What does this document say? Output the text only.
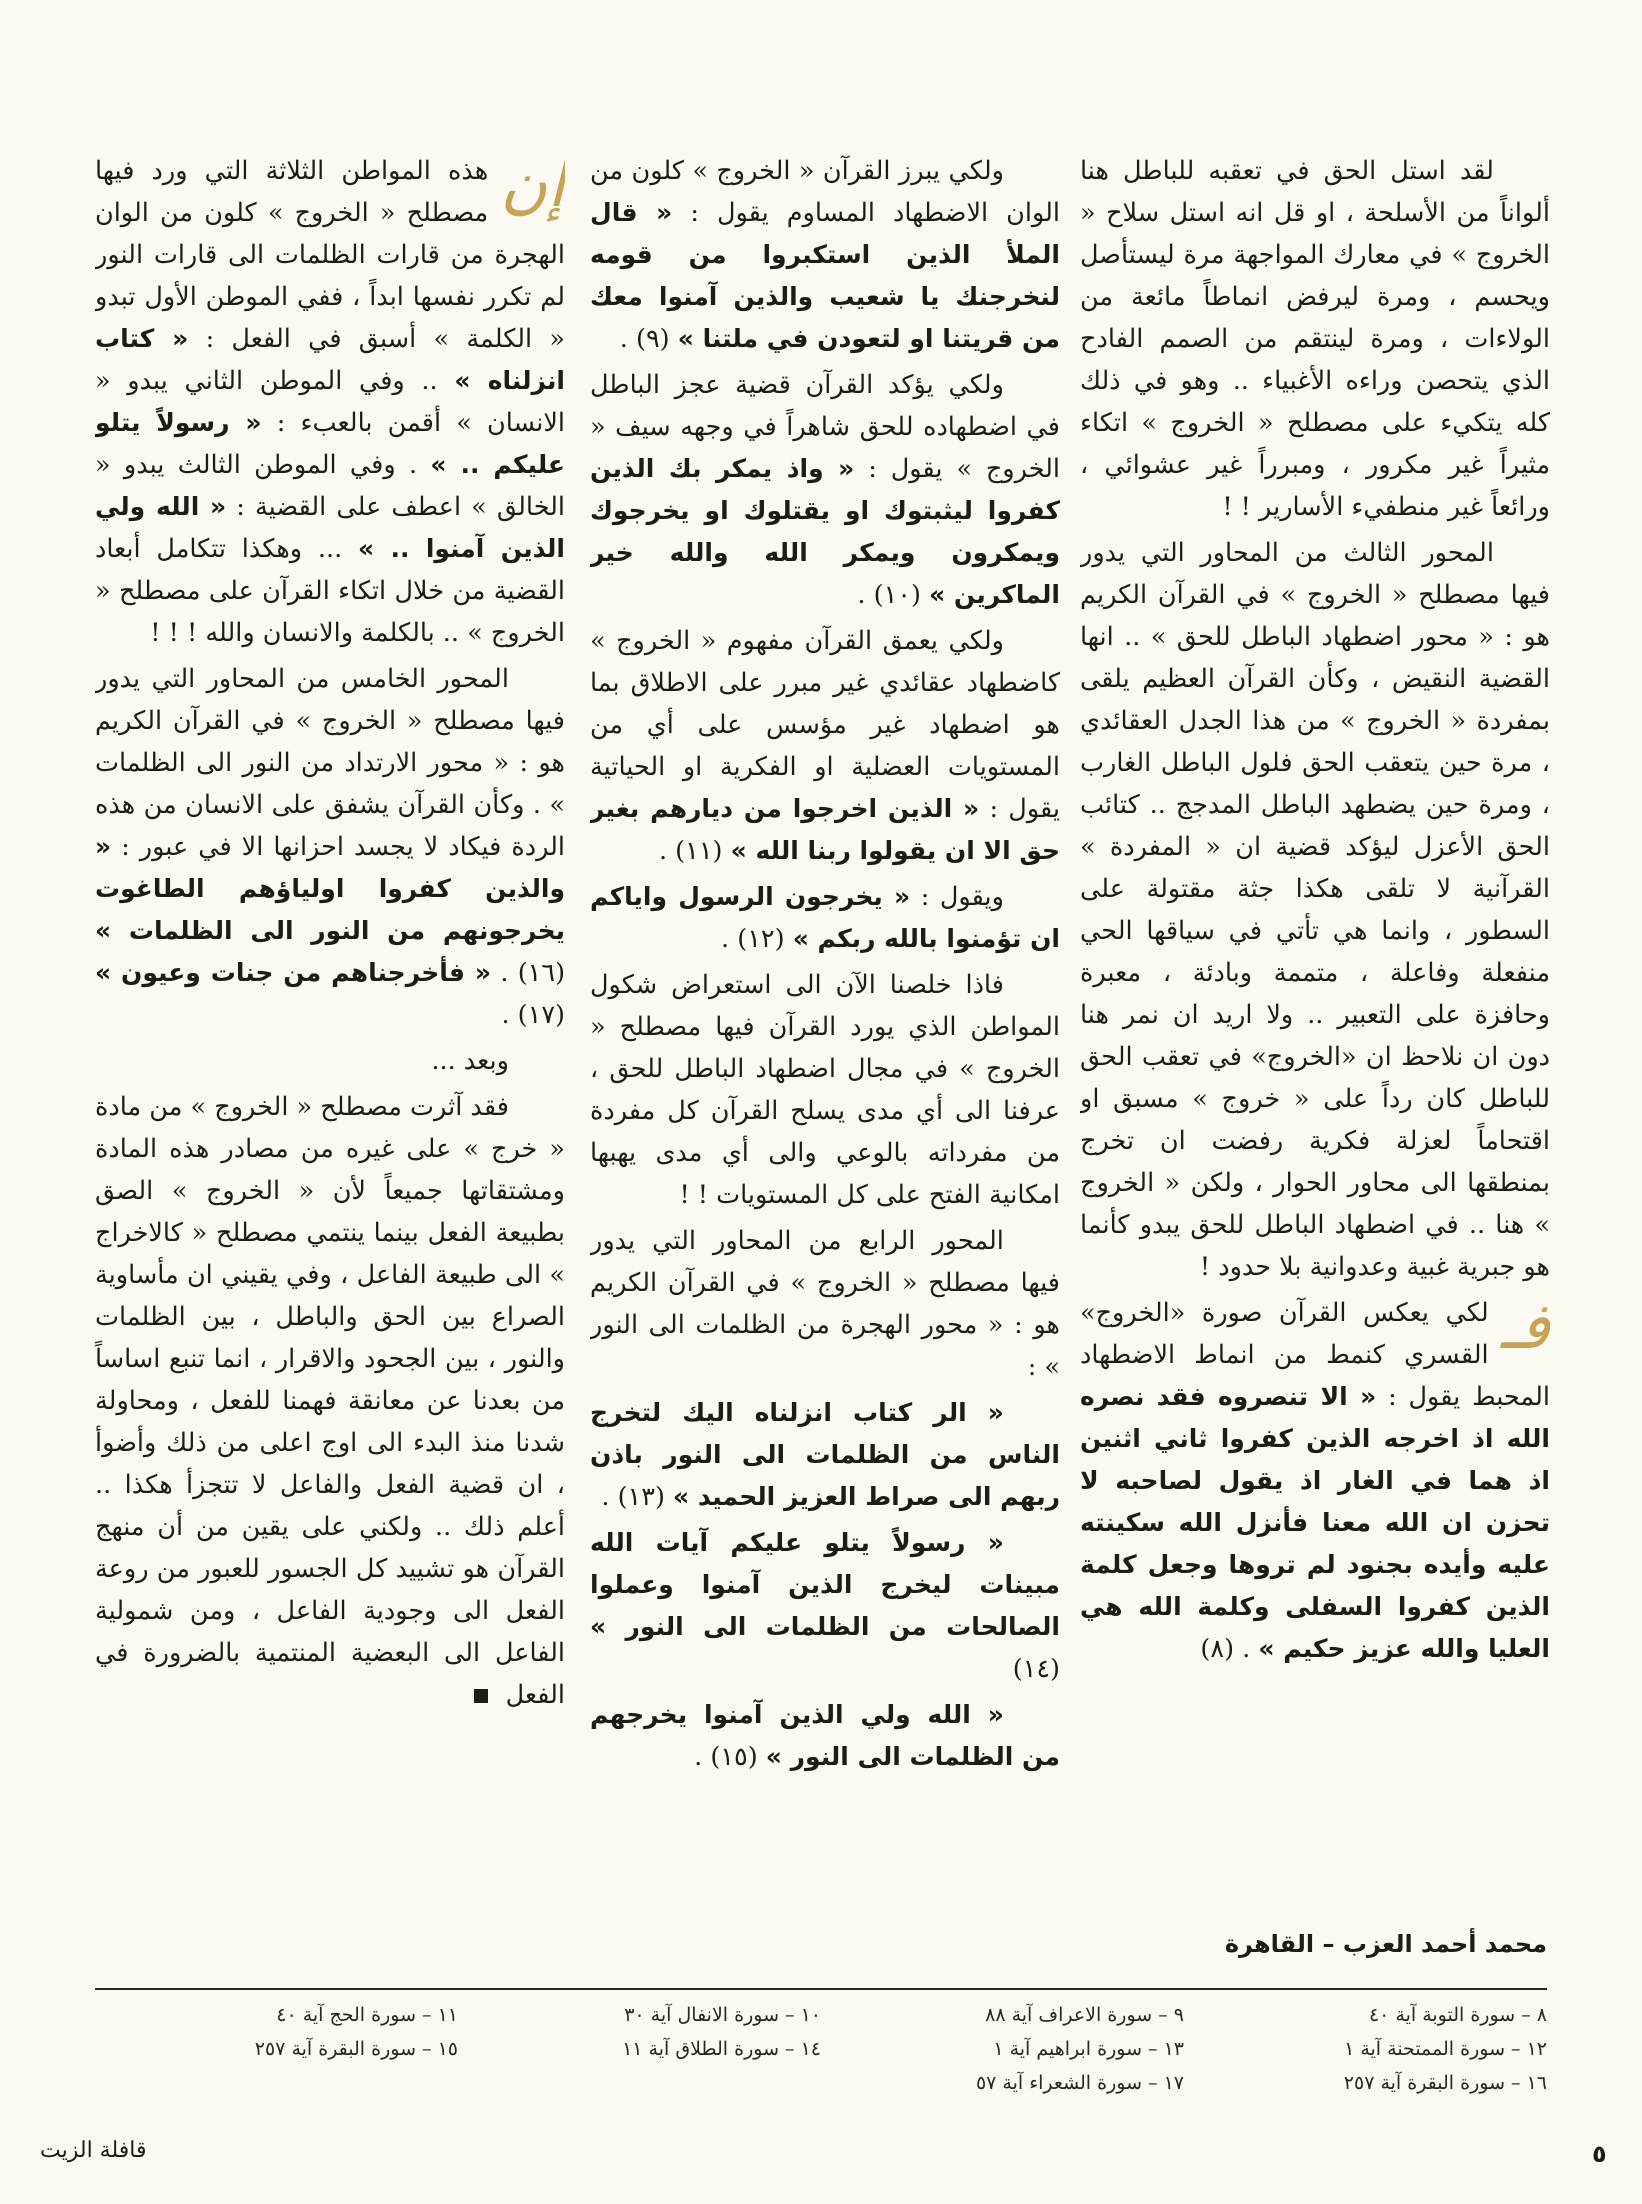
لقد استل الحق في تعقبه للباطل هنا ألواناً من الأسلحة ، او قل انه استل سلاح « الخروج » في معارك المواجهة مرة ليستأصل ويحسم ، ومرة ليرفض انماطاً مائعة من الولاءات ، ومرة لينتقم من الصمم الفادح الذي يتحصن وراءه الأغبياء .. وهو في ذلك كله يتكيء على مصطلح « الخروج » اتكاء مثيراً غير مكرور ، ومبرراً غير عشوائي ، ورائعاً غير منطفيء الأسارير ! !

المحور الثالث من المحاور التي يدور فيها مصطلح « الخروج » في القرآن الكريم هو : « محور اضطهاد الباطل للحق » .. انها القضية النقيض ، وكأن القرآن العظيم يلقى بمفردة « الخروج » من هذا الجدل العقائدي ، مرة حين يتعقب الحق فلول الباطل الغارب ، ومرة حين يضطهد الباطل المدجج .. كتائب الحق الأعزل ليؤكد قضية ان « المفردة » القرآنية لا تلقى هكذا جثة مقتولة على السطور ، وانما هي تأتي في سياقها الحي منفعلة وفاعلة ، متممة وبادئة ، معبرة وحافزة على التعبير .. ولا اريد ان نمر هنا دون ان نلاحظ ان «الخروج» في تعقب الحق للباطل كان رداً على « خروج » مسبق او اقتحاماً لعزلة فكرية رفضت ان تخرج بمنطقها الى محاور الحوار ، ولكن « الخروج » هنا .. في اضطهاد الباطل للحق يبدو كأنما هو جبرية غبية وعدوانية بلا حدود !

فـ
لكي يعكس القرآن صورة «الخروج» القسري كنمط من انماط الاضطهاد المحبط يقول : « الا تنصروه فقد نصره الله اذ اخرجه الذين كفروا ثاني اثنين اذ هما في الغار اذ يقول لصاحبه لا تحزن ان الله معنا فأنزل الله سكينته عليه وأيده بجنود لم تروها وجعل كلمة الذين كفروا السفلى وكلمة الله هي العليا والله عزيز حكيم » . (٨)

ولكي يبرز القرآن « الخروج » كلون من الوان الاضطهاد المساوم يقول : « قال الملأ الذين استكبروا من قومه لنخرجنك يا شعيب والذين آمنوا معك من قريتنا او لتعودن في ملتنا » (٩) .

ولكي يؤكد القرآن قضية عجز الباطل في اضطهاده للحق شاهراً في وجهه سيف « الخروج » يقول : « واذ يمكر بك الذين كفروا ليثبتوك او يقتلوك او يخرجوك ويمكرون ويمكر الله والله خير الماكرين » (١٠) .

ولكي يعمق القرآن مفهوم « الخروج » كاضطهاد عقائدي غير مبرر على الاطلاق بما هو اضطهاد غير مؤسس على أي من المستويات العضلية او الفكرية او الحياتية يقول : « الذين اخرجوا من ديارهم بغير حق الا ان يقولوا ربنا الله » (١١) .

ويقول : « يخرجون الرسول واياكم ان تؤمنوا بالله ربكم » (١٢) .

فاذا خلصنا الآن الى استعراض شكول المواطن الذي يورد القرآن فيها مصطلح « الخروج » في مجال اضطهاد الباطل للحق ، عرفنا الى أي مدى يسلح القرآن كل مفردة من مفرداته بالوعي والى أي مدى يهبها امكانية الفتح على كل المستويات ! !

المحور الرابع من المحاور التي يدور فيها مصطلح « الخروج » في القرآن الكريم هو : « محور الهجرة من الظلمات الى النور » :

« الر كتاب انزلناه اليك لتخرج الناس من الظلمات الى النور باذن ربهم الى صراط العزيز الحميد » (١٣) .

« رسولاً يتلو عليكم آيات الله مبينات ليخرج الذين آمنوا وعملوا الصالحات من الظلمات الى النور » (١٤)

« الله ولي الذين آمنوا يخرجهم من الظلمات الى النور » (١٥) .

إن
هذه المواطن الثلاثة التي ورد فيها مصطلح « الخروج » كلون من الوان الهجرة من قارات الظلمات الى قارات النور لم تكرر نفسها ابداً ، ففي الموطن الأول تبدو « الكلمة » أسبق في الفعل : « كتاب انزلناه » .. وفي الموطن الثاني يبدو « الانسان » أقمن بالعبء : « رسولاً يتلو عليكم .. » . وفي الموطن الثالث يبدو « الخالق » اعطف على القضية : « الله ولي الذين آمنوا .. » ... وهكذا تتكامل أبعاد القضية من خلال اتكاء القرآن على مصطلح « الخروج » .. بالكلمة والانسان والله ! ! !

المحور الخامس من المحاور التي يدور فيها مصطلح « الخروج » في القرآن الكريم هو : « محور الارتداد من النور الى الظلمات » . وكأن القرآن يشفق على الانسان من هذه الردة فيكاد لا يجسد احزانها الا في عبور : « والذين كفروا اولياؤهم الطاغوت يخرجونهم من النور الى الظلمات » (١٦) . « فأخرجناهم من جنات وعيون » (١٧) .

وبعد ...

فقد آثرت مصطلح « الخروج » من مادة « خرج » على غيره من مصادر هذه المادة ومشتقاتها جميعاً لأن « الخروج » الصق بطبيعة الفعل بينما ينتمي مصطلح « كالاخراج » الى طبيعة الفاعل ، وفي يقيني ان مأساوية الصراع بين الحق والباطل ، بين الظلمات والنور ، بين الجحود والاقرار ، انما تنبع اساساً من بعدنا عن معانقة فهمنا للفعل ، ومحاولة شدنا منذ البدء الى اوج اعلى من ذلك وأضوأ ، ان قضية الفعل والفاعل لا تتجزأ هكذا .. أعلم ذلك .. ولكني على يقين من أن منهج القرآن هو تشييد كل الجسور للعبور من روعة الفعل الى وجودية الفاعل ، ومن شمولية الفاعل الى البعضية المنتمية بالضرورة في الفعل

محمد أحمد العزب – القاهرة
٨ – سورة التوبة آية ٤٠
٩ – سورة الاعراف آية ٨٨
١٠ – سورة الانفال آية ٣٠
١١ – سورة الحج آية ٤٠
١٢ – سورة الممتحنة آية ١
١٣ – سورة ابراهيم آية ١
١٤ – سورة الطلاق آية ١١
١٥ – سورة البقرة آية ٢٥٧
١٦ – سورة البقرة آية ٢٥٧
١٧ – سورة الشعراء آية ٥٧
٥
قافلة الزيت
